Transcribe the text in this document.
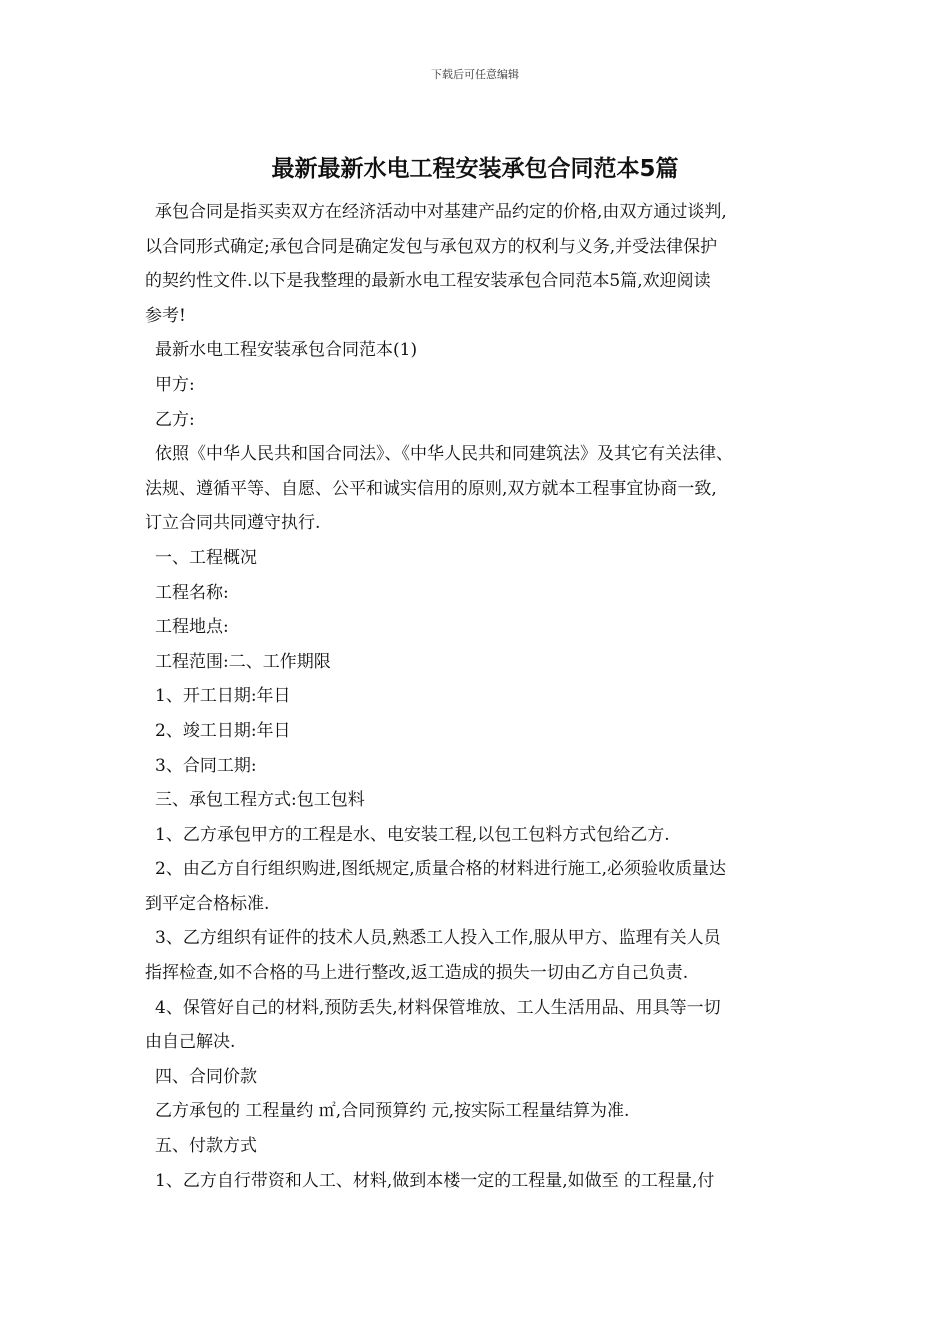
下载后可任意编辑
最新最新水电工程安装承包合同范本5篇
承包合同是指买卖双方在经济活动中对基建产品约定的价格,由双方通过谈判,
以合同形式确定;承包合同是确定发包与承包双方的权利与义务,并受法律保护
的契约性文件.以下是我整理的最新水电工程安装承包合同范本5篇,欢迎阅读
参考!
最新水电工程安装承包合同范本(1)
甲方:
乙方:
依照《中华人民共和国合同法》、《中华人民共和同建筑法》及其它有关法律、
法规、遵循平等、自愿、公平和诚实信用的原则,双方就本工程事宜协商一致,
订立合同共同遵守执行.
一、工程概况
工程名称:
工程地点:
工程范围:二、工作期限
1、开工日期:年日
2、竣工日期:年日
3、合同工期:
三、承包工程方式:包工包料
1、乙方承包甲方的工程是水、电安装工程,以包工包料方式包给乙方.
2、由乙方自行组织购进,图纸规定,质量合格的材料进行施工,必须验收质量达
到平定合格标准.
3、乙方组织有证件的技术人员,熟悉工人投入工作,服从甲方、监理有关人员
指挥检查,如不合格的马上进行整改,返工造成的损失一切由乙方自己负责.
4、保管好自己的材料,预防丢失,材料保管堆放、工人生活用品、用具等一切
由自己解决.
四、合同价款
乙方承包的 工程量约 ㎡,合同预算约 元,按实际工程量结算为准.
五、付款方式
1、乙方自行带资和人工、材料,做到本楼一定的工程量,如做至 的工程量,付
